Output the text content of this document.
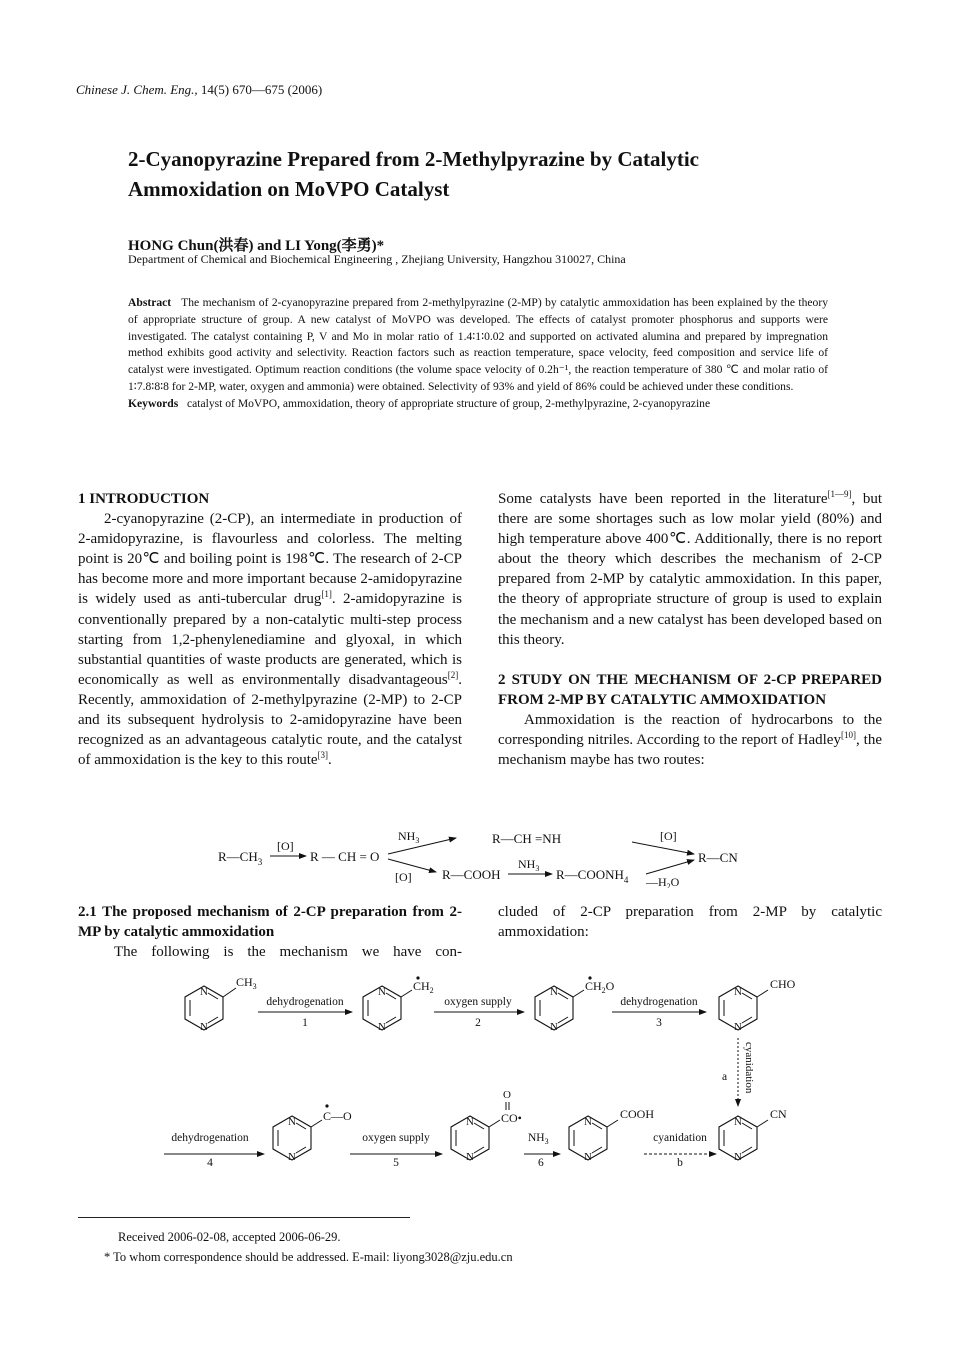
Chinese J. Chem. Eng., 14(5) 670—675 (2006)
2-Cyanopyrazine Prepared from 2-Methylpyrazine by Catalytic Ammoxidation on MoVPO Catalyst
HONG Chun(洪春) and LI Yong(李勇)*
Department of Chemical and Biochemical Engineering , Zhejiang University, Hangzhou 310027, China

Abstract The mechanism of 2-cyanopyrazine prepared from 2-methylpyrazine (2-MP) by catalytic ammoxidation has been explained by the theory of appropriate structure of group. A new catalyst of MoVPO was developed. The effects of catalyst promoter phosphorus and supports were investigated. The catalyst containing P, V and Mo in molar ratio of 1.4∶1∶0.02 and supported on activated alumina and prepared by impregnation method exhibits good activity and selectivity. Reaction factors such as reaction temperature, space velocity, feed composition and service life of catalyst were investigated. Optimum reaction conditions (the volume space velocity of 0.2h⁻¹, the reaction temperature of 380 ℃ and molar ratio of 1∶7.8∶8∶8 for 2-MP, water, oxygen and ammonia) were obtained. Selectivity of 93% and yield of 86% could be achieved under these conditions.

Keywords catalyst of MoVPO, ammoxidation, theory of appropriate structure of group, 2-methylpyrazine, 2-cyanopyrazine

1 INTRODUCTION

2-cyanopyrazine (2-CP), an intermediate in production of 2-amidopyrazine, is flavourless and colorless. The melting point is 20℃ and boiling point is 198℃. The research of 2-CP has become more and more important because 2-amidopyrazine is widely used as anti-tubercular drug[1]. 2-amidopyrazine is conventionally prepared by a non-catalytic multi-step process starting from 1,2-phenylenediamine and glyoxal, in which substantial quantities of waste products are generated, which is economically as well as environmentally disadvantageous[2]. Recently, ammoxidation of 2-methylpyrazine (2-MP) to 2-CP and its subsequent hydrolysis to 2-amidopyrazine have been recognized as an advantageous catalytic route, and the catalyst of ammoxidation is the key to this route[3].

Some catalysts have been reported in the literature[1—9], but there are some shortages such as low molar yield (80%) and high temperature above 400℃. Additionally, there is no report about the theory which describes the mechanism of 2-CP prepared from 2-MP by catalytic ammoxidation. In this paper, the theory of appropriate structure of group is used to explain the mechanism and a new catalyst has been developed based on this theory.

2 STUDY ON THE MECHANISM OF 2-CP PREPARED FROM 2-MP BY CATALYTIC AMMOXIDATION

Ammoxidation is the reaction of hydrocarbons to the corresponding nitriles. According to the report of Hadley[10], the mechanism maybe has two routes:

$R—CH_3$
[O]
R — CH = O
$NH_3$
[O]
R—CH =NH
R—COOH
$NH_3$ $R—COONH_4$
[O]
$—H_2O$
R—CN

2.1 The proposed mechanism of 2-CP preparation from 2-MP by catalytic ammoxidation

The following is the mechanism we have con-
cluded of 2-CP preparation from 2-MP by catalytic ammoxidation:
N
N
$CH_3$
dehydrogenation
1
N
N
$CH_2$
oxygen supply
2
N
N
$CH_2O$
dehydrogenation
3
N
N
CHO
cyanidation
a
dehydrogenation
4
N
N
C—O
oxygen supply
5
N
N
O
CO•
$NH_3$
6
N
N
COOH
cyanidation
b
N
N
CN
Received 2006-02-08, accepted 2006-06-29.
* To whom correspondence should be addressed. E-mail: liyong3028@zju.edu.cn
